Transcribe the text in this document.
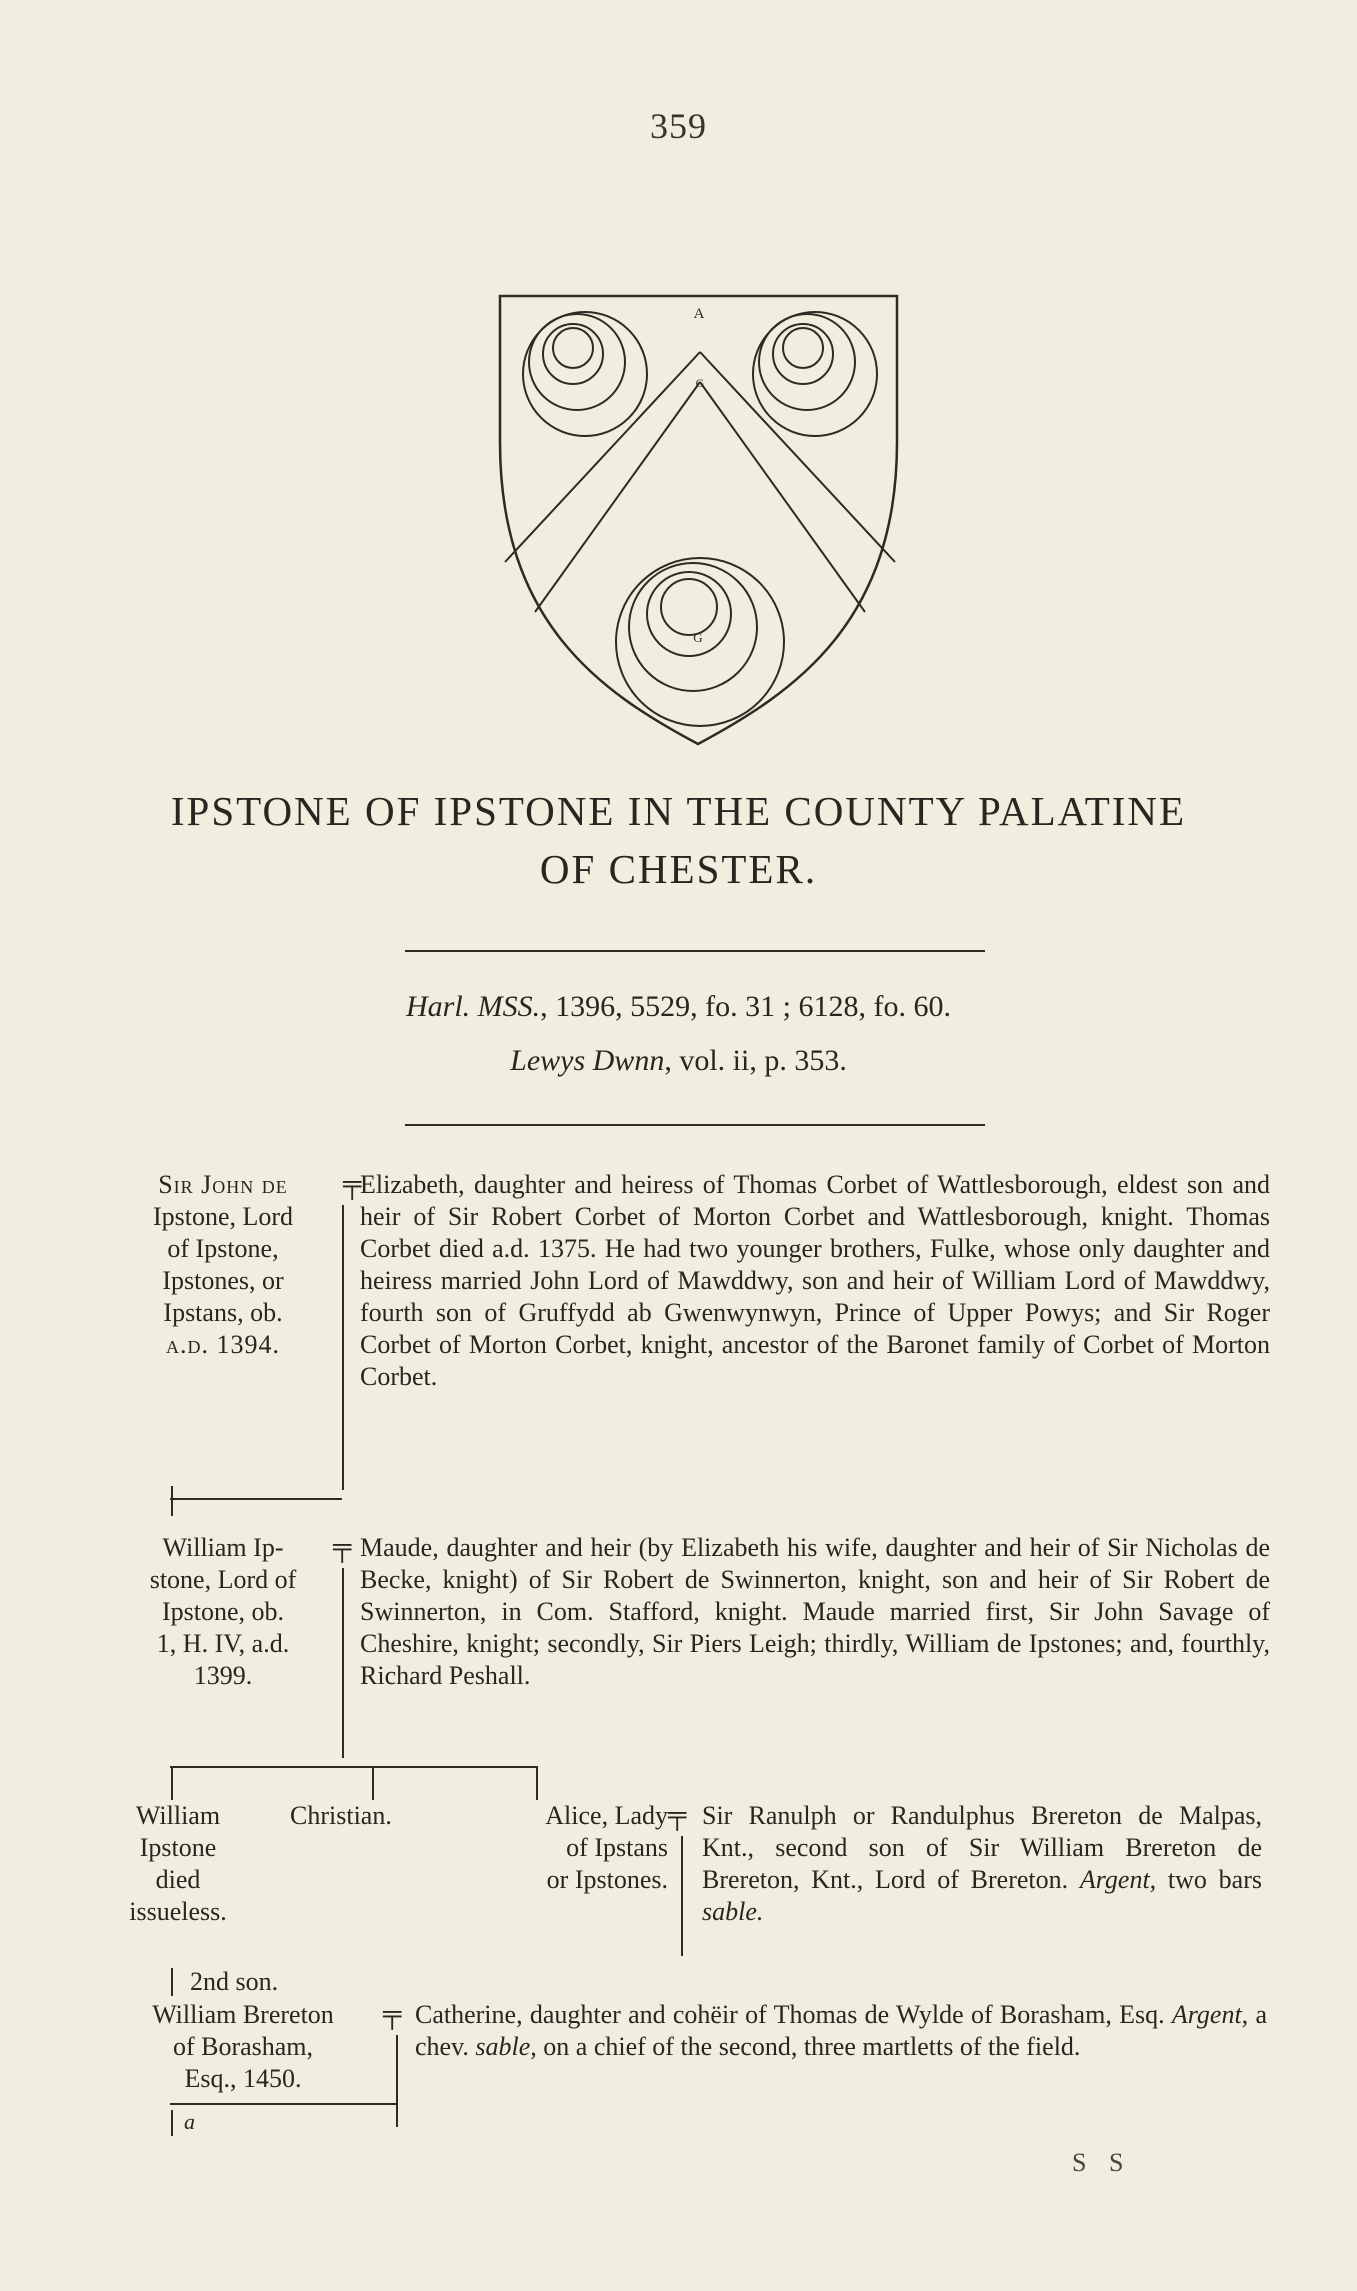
359
A
G
G
IPSTONE OF IPSTONE IN THE COUNTY PALATINE
OF CHESTER.
Harl. MSS., 1396, 5529, fo. 31 ; 6128, fo. 60.
Lewys Dwnn, vol. ii, p. 353.
Sir John de
Ipstone, Lord
of Ipstone,
Ipstones, or
Ipstans, ob.
a.d. 1394.
╤
Elizabeth, daughter and heiress of Thomas Corbet of Wattlesborough, eldest son and heir of Sir Robert Corbet of Morton Corbet and Wattlesborough, knight. Thomas Corbet died a.d. 1375. He had two younger brothers, Fulke, whose only daughter and heiress married John Lord of Mawddwy, son and heir of William Lord of Mawddwy, fourth son of Gruffydd ab Gwenwynwyn, Prince of Upper Powys; and Sir Roger Corbet of Morton Corbet, knight, ancestor of the Baronet family of Corbet of Morton Corbet.
William Ip-
stone, Lord of
Ipstone, ob.
1, H. IV, a.d.
1399.
╤ Maude, daughter and heir (by Elizabeth his wife, daughter and heir of Sir Nicholas de Becke, knight) of Sir Robert de Swinnerton, knight, son and heir of Sir Robert de Swinnerton, in Com. Stafford, knight. Maude married first, Sir John Savage of Cheshire, knight; secondly, Sir Piers Leigh; thirdly, William de Ipstones; and, fourthly, Richard Peshall.
William
Ipstone
died
issueless.
Christian.	Alice, Lady
of Ipstans
or Ipstones.
╤ Sir Ranulph or Randulphus Brereton de Malpas, Knt., second son of Sir William Brereton de Brereton, Knt., Lord of Brereton. Argent, two bars sable.
2nd son.
William Brereton
of Borasham,
Esq., 1450.
╤ Catherine, daughter and cohëir of Thomas de Wylde of Borasham, Esq. Argent, a chev. sable, on a chief of the second, three martletts of the field.
a
S S
